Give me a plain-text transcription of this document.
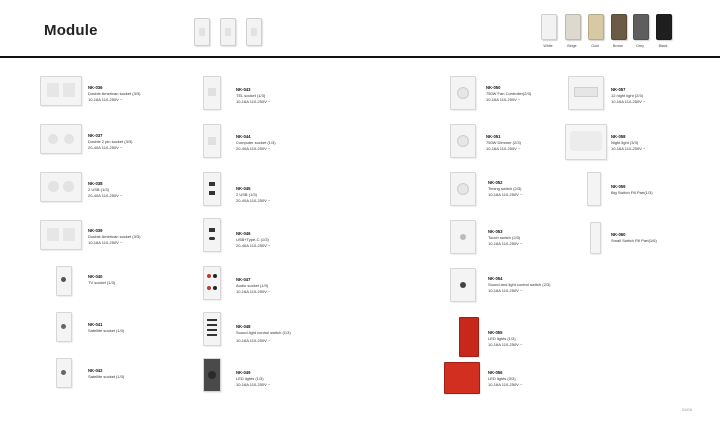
Module
White	Beige	Gold	Brown	Grey	Black
NK-036
Double American socket (3/3)
10-16A 110-250V ~
NK-037
Double 2 pin socket (3/3)
20-40A 110-250V ~
NK-038
2 USB (1/3)
20-40A 110-250V ~
NK-039
Double American socket (3/3)
10-16A 110-250V ~
NK-040
TV socket (1/3)
NK-041
Satellite socket (1/3)
NK-042
Satellite socket (1/3)
NK-043
TEL socket (1/3)
10-16A 110-250V ~
NK-044
Computer socket (1/3)
20-40A 110-250V ~
NK-045
2 USB (1/3)
20-40A 110-250V ~
NK-046
USB+Type-C (1/3)
20-40A 110-250V ~
NK-047
Audio socket (1/3)
10-16A 110-250V ~
NK-048
Sound light control switch (1/3)
10-16A 110-250V ~
NK-049
LED lights (1/3)
10-16A 110-250V ~
NK-050
750W Fan Controller(2/3)
10-16A 110-250V ~
NK-051
750W Dimmer (2/3)
10-16A 110-250V ~
NK-052
Timing switch (2/3)
10-16A 110-250V ~
NK-053
Touch switch (2/3)
10-16A 110-250V ~
NK-054
Sound and light control switch (2/3)
10-16A 110-250V ~
NK-055
LED lights (1/3)
10-16A 110-250V ~
NK-056
LED lights (3/3)
10-16A 110-250V ~
NK-057
12 night light (2/3)
10-16A 110-250V ~
NK-058
Night light (3/3)
10-16A 110-250V ~
NK-059
Big Switch Fill Part(1/3)
NK-060
Small Switch Fill Part(1/6)
03/05
